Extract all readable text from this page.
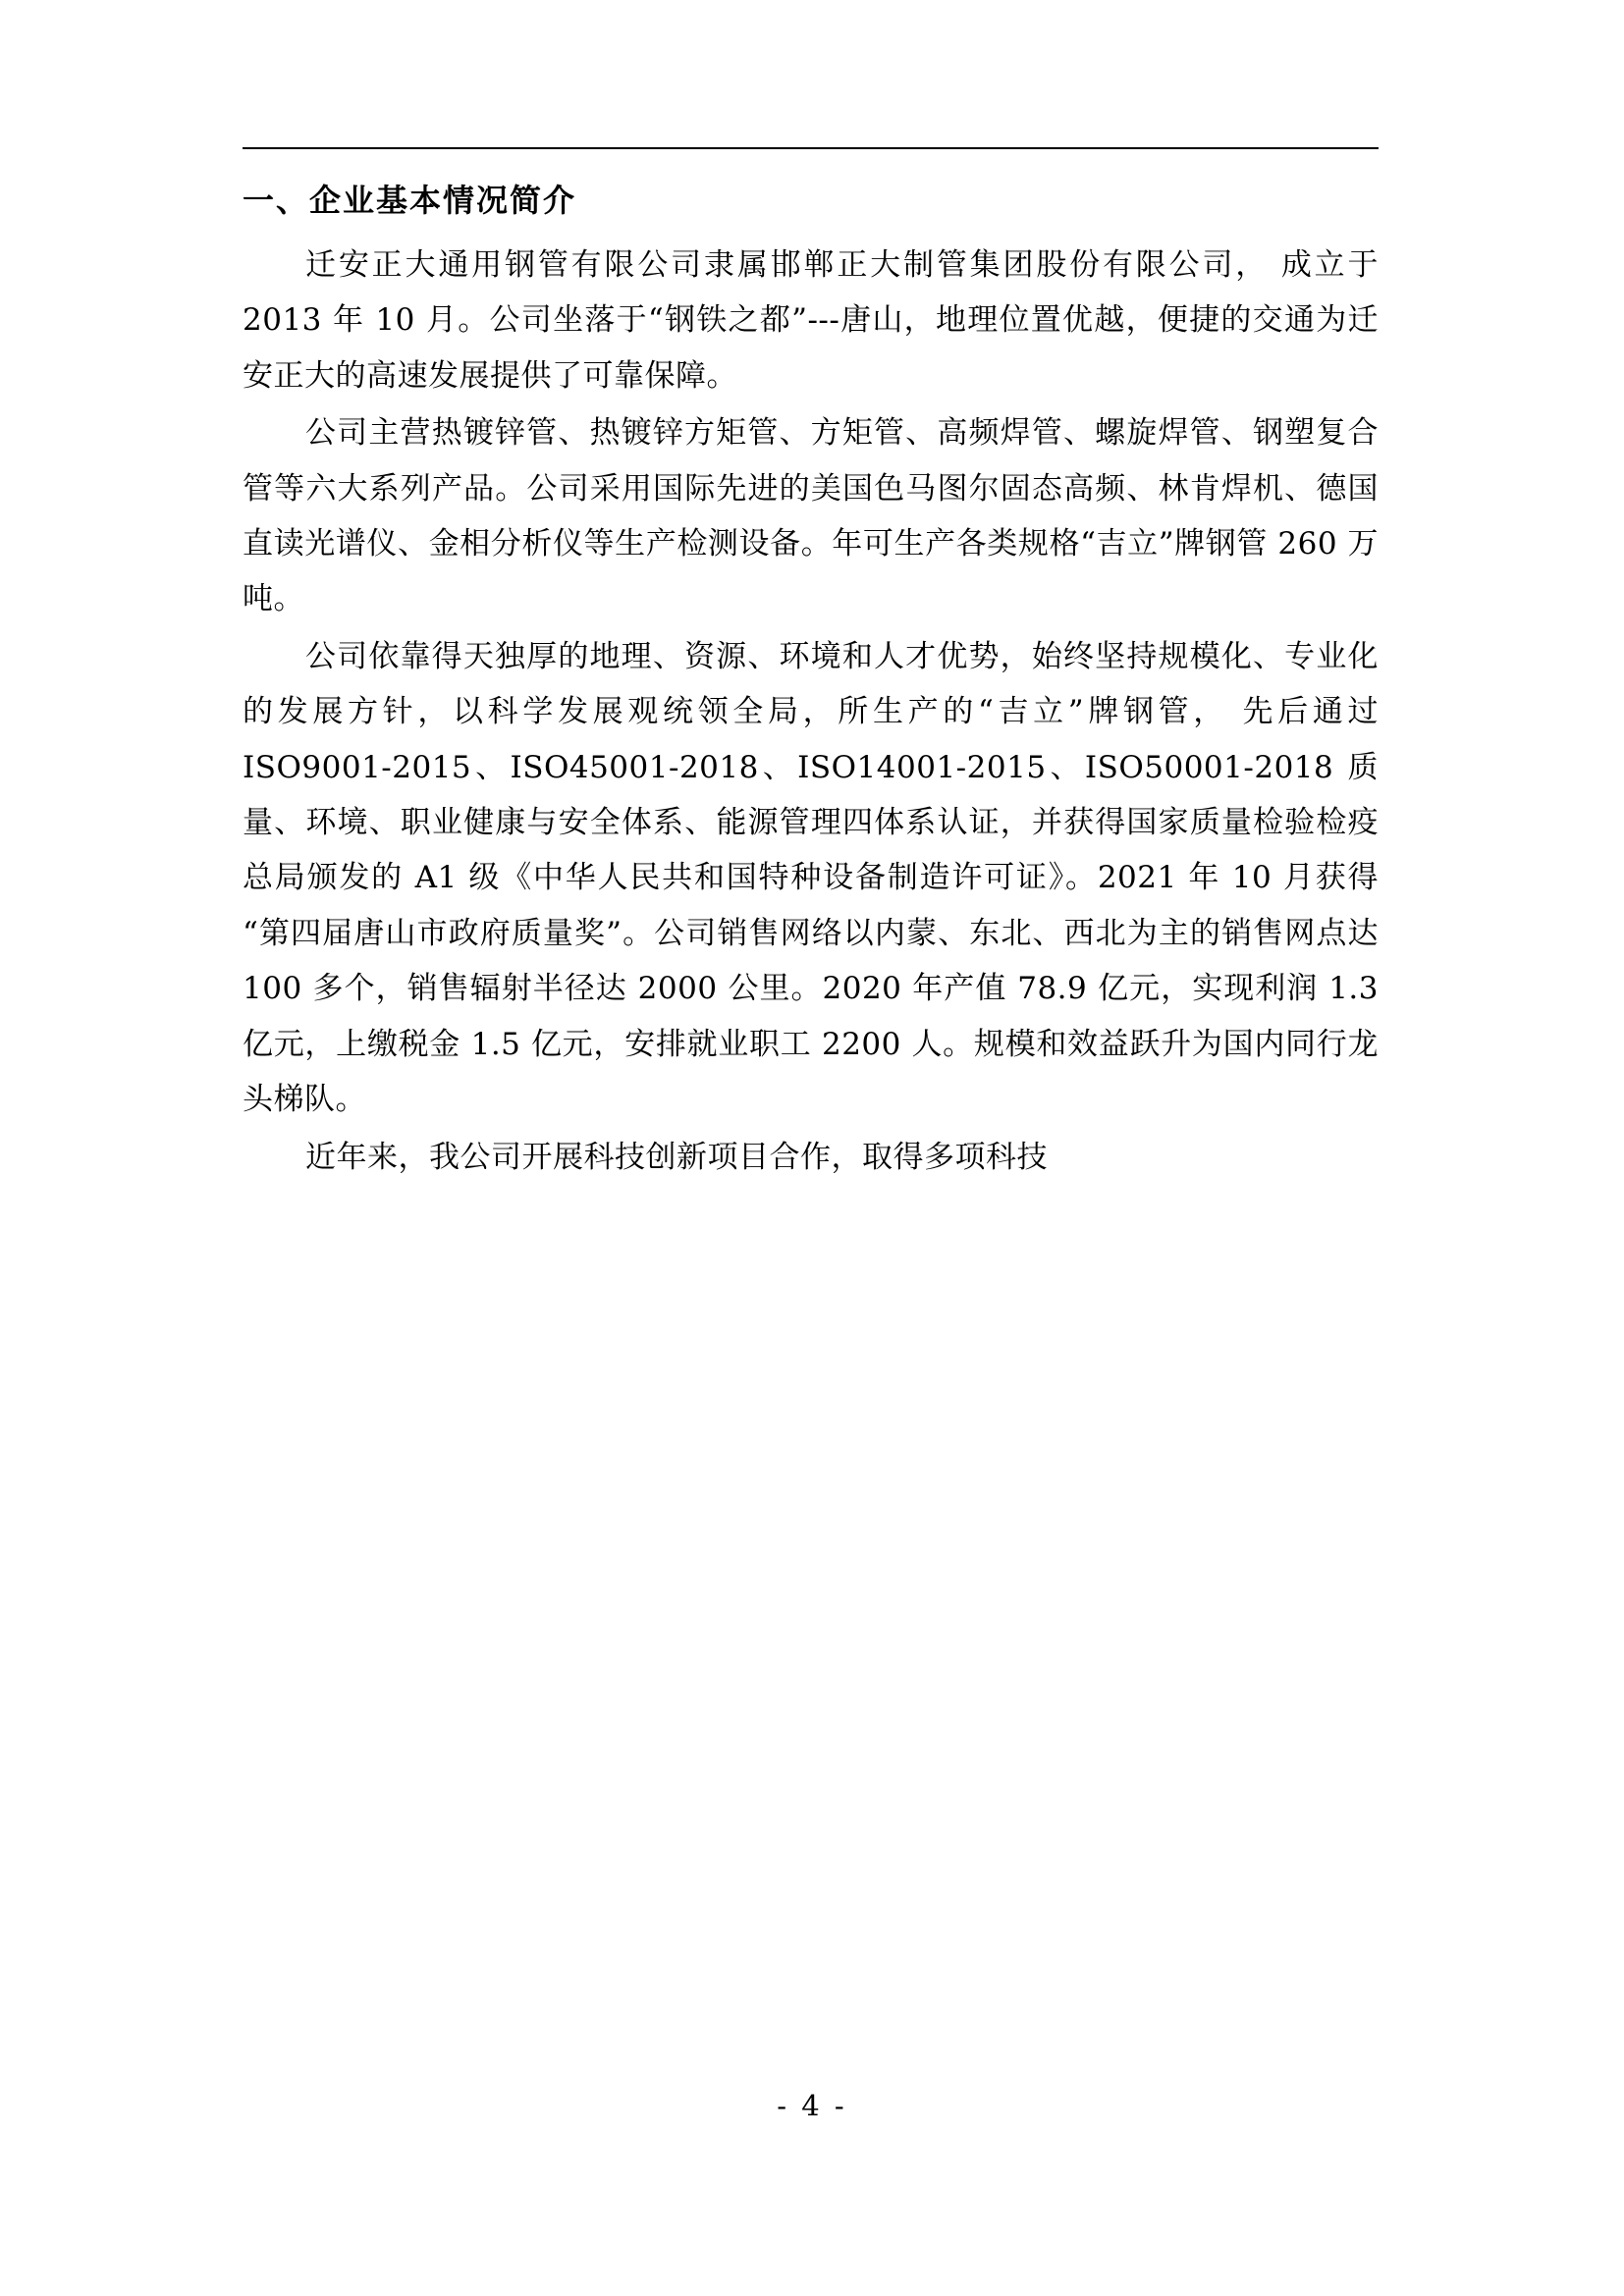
一、企业基本情况简介

迁安正大通用钢管有限公司隶属邯郸正大制管集团股份有限公司， 成立于 2013 年 10 月。公司坐落于“钢铁之都”---唐山，地理位置优越，便捷的交通为迁安正大的高速发展提供了可靠保障。

公司主营热镀锌管、热镀锌方矩管、方矩管、高频焊管、螺旋焊管、钢塑复合管等六大系列产品。公司采用国际先进的美国色马图尔固态高频、林肯焊机、德国直读光谱仪、金相分析仪等生产检测设备。年可生产各类规格“吉立”牌钢管 260 万吨。

公司依靠得天独厚的地理、资源、环境和人才优势，始终坚持规模化、专业化的发展方针，以科学发展观统领全局，所生产的“吉立”牌钢管， 先后通过 ISO9001-2015、ISO45001-2018、ISO14001-2015、ISO50001-2018 质量、环境、职业健康与安全体系、能源管理四体系认证，并获得国家质量检验检疫总局颁发的 A1 级《中华人民共和国特种设备制造许可证》。2021 年 10 月获得“第四届唐山市政府质量奖”。公司销售网络以内蒙、东北、西北为主的销售网点达 100 多个，销售辐射半径达 2000 公里。2020 年产值 78.9 亿元，实现利润 1.3 亿元，上缴税金 1.5 亿元，安排就业职工 2200 人。规模和效益跃升为国内同行龙头梯队。

近年来，我公司开展科技创新项目合作，取得多项科技

- 4 -
